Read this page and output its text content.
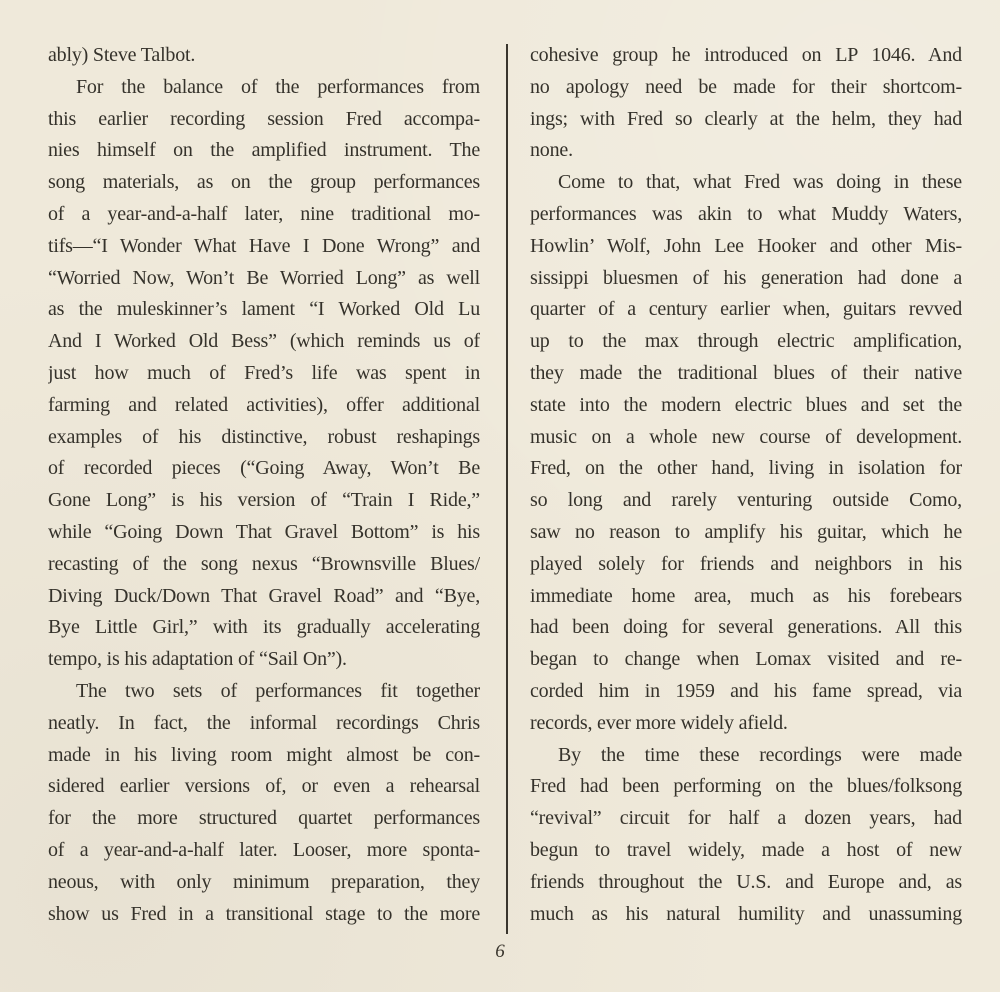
ably) Steve Talbot.
For the balance of the performances from
this earlier recording session Fred accompa-
nies himself on the amplified instrument. The
song materials, as on the group performances
of a year-and-a-half later, nine traditional mo-
tifs—“I Wonder What Have I Done Wrong” and
“Worried Now, Won’t Be Worried Long” as well
as the muleskinner’s lament “I Worked Old Lu
And I Worked Old Bess” (which reminds us of
just how much of Fred’s life was spent in
farming and related activities), offer additional
examples of his distinctive, robust reshapings
of recorded pieces (“Going Away, Won’t Be
Gone Long” is his version of “Train I Ride,”
while “Going Down That Gravel Bottom” is his
recasting of the song nexus “Brownsville Blues/
Diving Duck/Down That Gravel Road” and “Bye,
Bye Little Girl,” with its gradually accelerating
tempo, is his adaptation of “Sail On”).
The two sets of performances fit together
neatly. In fact, the informal recordings Chris
made in his living room might almost be con-
sidered earlier versions of, or even a rehearsal
for the more structured quartet performances
of a year-and-a-half later. Looser, more sponta-
neous, with only minimum preparation, they
show us Fred in a transitional stage to the more
cohesive group he introduced on LP 1046. And
no apology need be made for their shortcom-
ings; with Fred so clearly at the helm, they had
none.
Come to that, what Fred was doing in these
performances was akin to what Muddy Waters,
Howlin’ Wolf, John Lee Hooker and other Mis-
sissippi bluesmen of his generation had done a
quarter of a century earlier when, guitars revved
up to the max through electric amplification,
they made the traditional blues of their native
state into the modern electric blues and set the
music on a whole new course of development.
Fred, on the other hand, living in isolation for
so long and rarely venturing outside Como,
saw no reason to amplify his guitar, which he
played solely for friends and neighbors in his
immediate home area, much as his forebears
had been doing for several generations. All this
began to change when Lomax visited and re-
corded him in 1959 and his fame spread, via
records, ever more widely afield.
By the time these recordings were made
Fred had been performing on the blues/folksong
“revival” circuit for half a dozen years, had
begun to travel widely, made a host of new
friends throughout the U.S. and Europe and, as
much as his natural humility and unassuming
6
